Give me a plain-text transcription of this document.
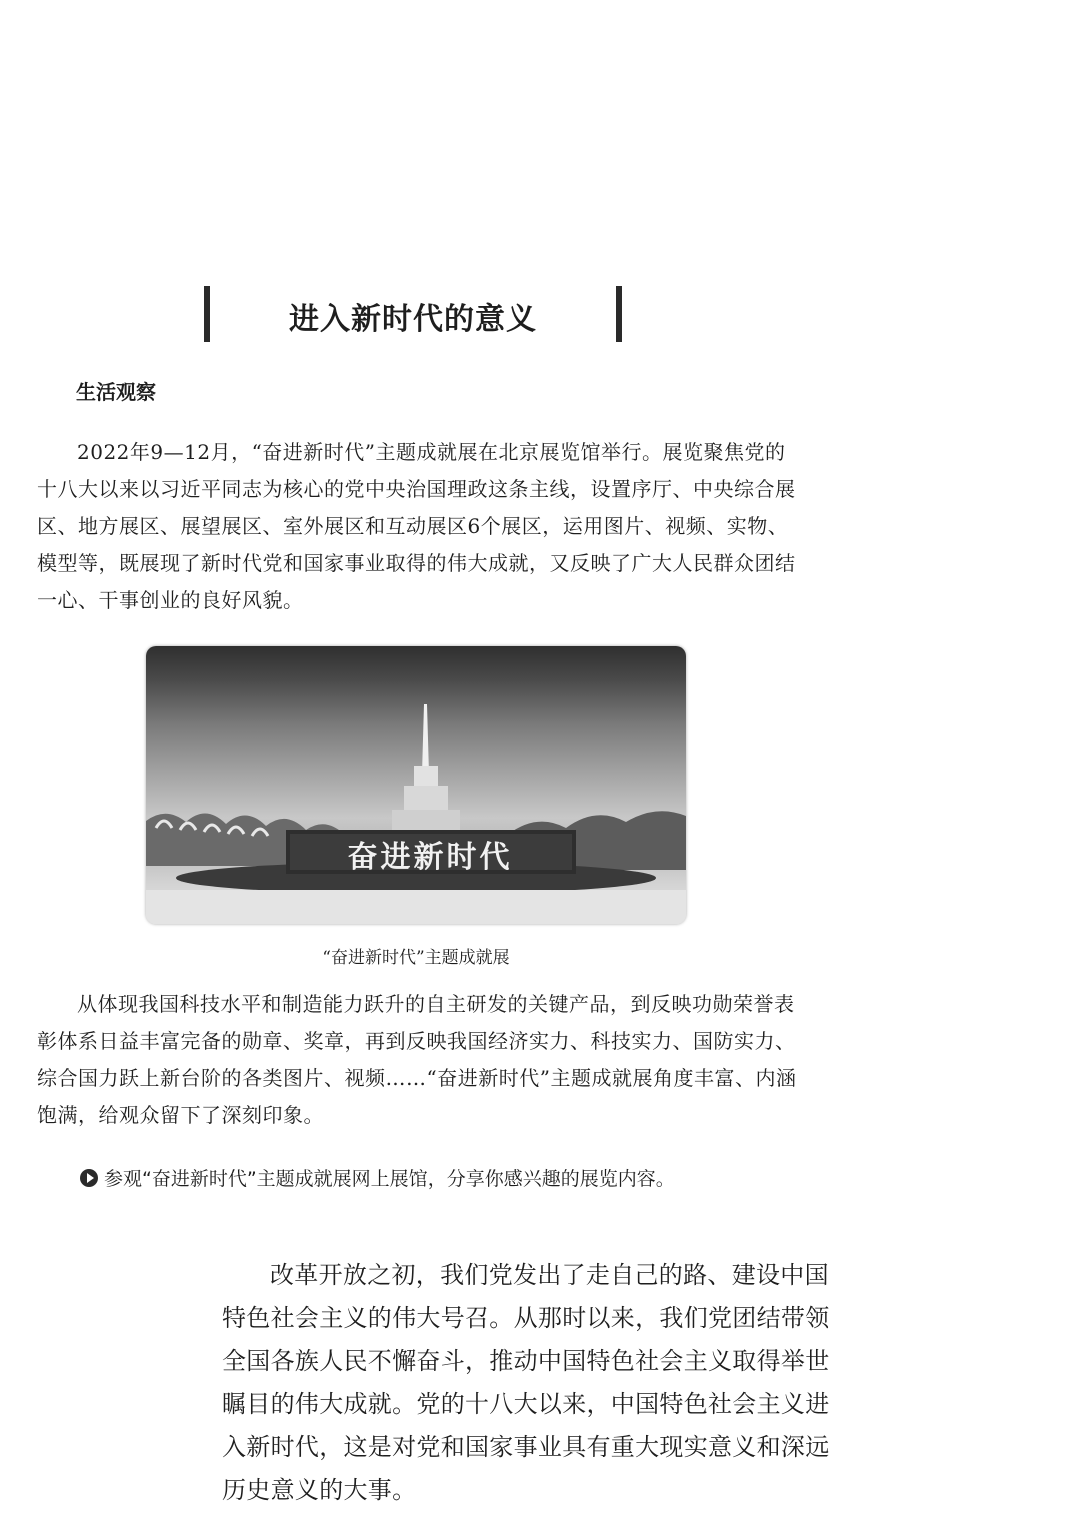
进入新时代的意义
生活观察

2022年9—12月，“奋进新时代”主题成就展在北京展览馆举行。展览聚焦党的十八大以来以习近平同志为核心的党中央治国理政这条主线，设置序厅、中央综合展区、地方展区、展望展区、室外展区和互动展区6个展区，运用图片、视频、实物、模型等，既展现了新时代党和国家事业取得的伟大成就，又反映了广大人民群众团结一心、干事创业的良好风貌。

奋进新时代
“奋进新时代”主题成就展

从体现我国科技水平和制造能力跃升的自主研发的关键产品，到反映功勋荣誉表彰体系日益丰富完备的勋章、奖章，再到反映我国经济实力、科技实力、国防实力、综合国力跃上新台阶的各类图片、视频……“奋进新时代”主题成就展角度丰富、内涵饱满，给观众留下了深刻印象。

参观“奋进新时代”主题成就展网上展馆，分享你感兴趣的展览内容。

改革开放之初，我们党发出了走自己的路、建设中国特色社会主义的伟大号召。从那时以来，我们党团结带领全国各族人民不懈奋斗，推动中国特色社会主义取得举世瞩目的伟大成就。党的十八大以来，中国特色社会主义进入新时代，这是对党和国家事业具有重大现实意义和深远历史意义的大事。
